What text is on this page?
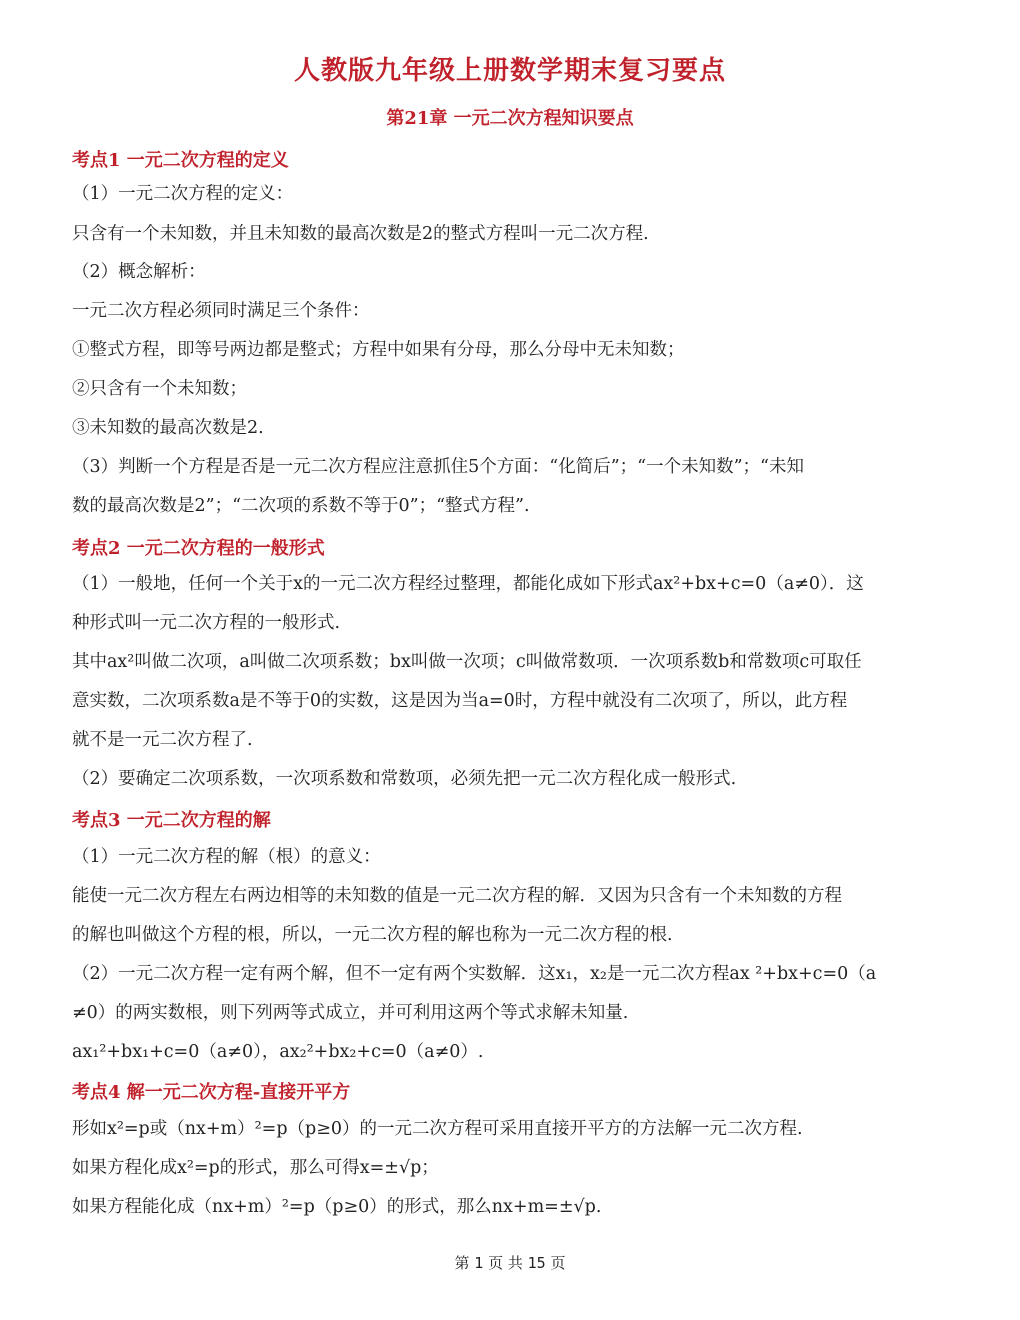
人教版九年级上册数学期末复习要点
第21章 一元二次方程知识要点
考点1 一元二次方程的定义
（1）一元二次方程的定义：
只含有一个未知数，并且未知数的最高次数是2的整式方程叫一元二次方程.
（2）概念解析：
一元二次方程必须同时满足三个条件：
①整式方程，即等号两边都是整式；方程中如果有分母，那么分母中无未知数；
②只含有一个未知数；
③未知数的最高次数是2.
（3）判断一个方程是否是一元二次方程应注意抓住5个方面：“化简后”；“一个未知数”；“未知
数的最高次数是2”；“二次项的系数不等于0”；“整式方程”.
考点2 一元二次方程的一般形式
（1）一般地，任何一个关于x的一元二次方程经过整理，都能化成如下形式ax²+bx+c=0（a≠0）．这
种形式叫一元二次方程的一般形式.
其中ax²叫做二次项，a叫做二次项系数；bx叫做一次项；c叫做常数项．一次项系数b和常数项c可取任
意实数，二次项系数a是不等于0的实数，这是因为当a=0时，方程中就没有二次项了，所以，此方程
就不是一元二次方程了.
（2）要确定二次项系数，一次项系数和常数项，必须先把一元二次方程化成一般形式.
考点3 一元二次方程的解
（1）一元二次方程的解（根）的意义：
能使一元二次方程左右两边相等的未知数的值是一元二次方程的解．又因为只含有一个未知数的方程
的解也叫做这个方程的根，所以，一元二次方程的解也称为一元二次方程的根.
（2）一元二次方程一定有两个解，但不一定有两个实数解．这x₁，x₂是一元二次方程ax ²+bx+c=0（a
≠0）的两实数根，则下列两等式成立，并可利用这两个等式求解未知量.
ax₁²+bx₁+c=0（a≠0），ax₂²+bx₂+c=0（a≠0）.
考点4 解一元二次方程-直接开平方
形如x²=p或（nx+m）²=p（p≥0）的一元二次方程可采用直接开平方的方法解一元二次方程.
如果方程化成x²=p的形式，那么可得x=±√p；
如果方程能化成（nx+m）²=p（p≥0）的形式，那么nx+m=±√p.
第 1 页 共 15 页
